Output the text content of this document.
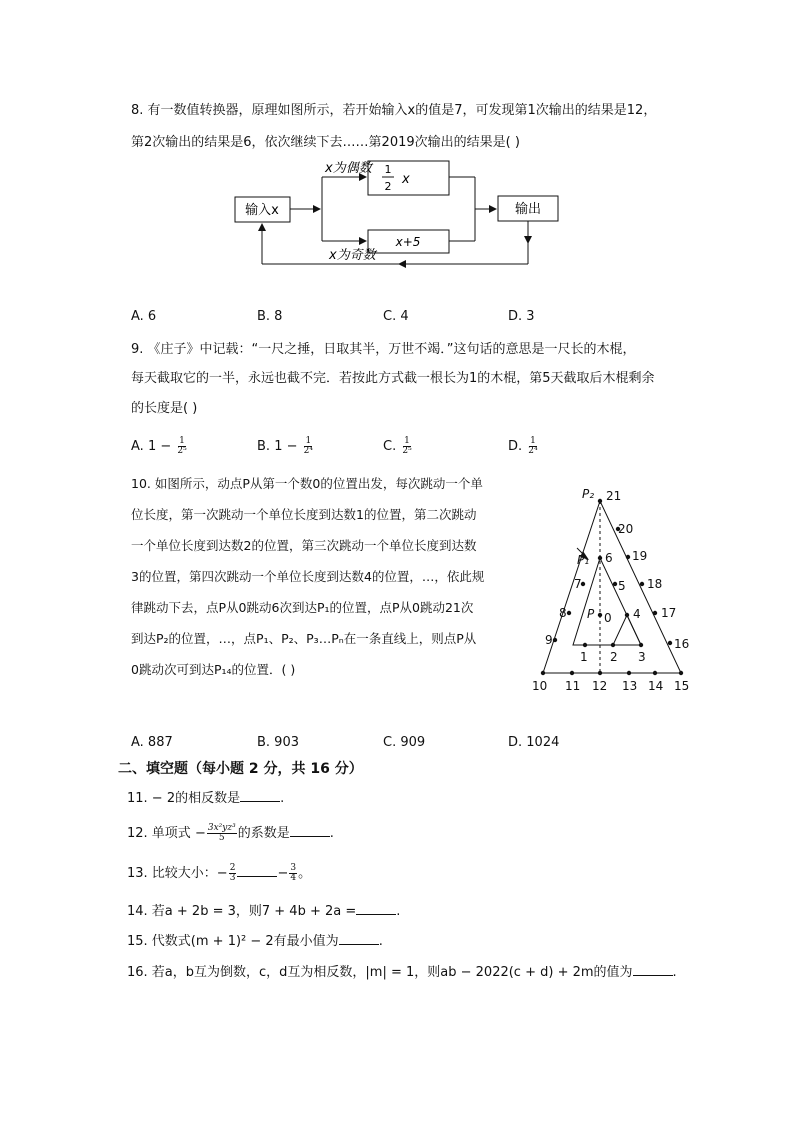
8. 有一数值转换器，原理如图所示，若开始输入x的值是7，可发现第1次输出的结果是12，
第2次输出的结果是6，依次继续下去……第2019次输出的结果是( )
输入x
x为偶数 1
2 x
x+5
输出
x为奇数
A. 6	B. 8	C. 4	D. 3
9. 《庄子》中记载：“一尺之捶，日取其半，万世不竭．”这句话的意思是一尺长的木棍，
每天截取它的一半，永远也截不完．若按此方式截一根长为1的木棍，第5天截取后木棍剩余
的长度是( )
A. $1 - \frac{1}{\text{2⁵}}$	B. $1 - \frac{1}{\text{2⁴}}$	C. $\frac{1}{\text{2⁵}}$	D. $\frac{1}{\text{2⁴}}$
10. 如图所示，动点P从第一个数0的位置出发，每次跳动一个单
位长度，第一次跳动一个单位长度到达数1的位置，第二次跳动
一个单位长度到达数2的位置，第三次跳动一个单位长度到达数
3的位置，第四次跳动一个单位长度到达数4的位置，…，依此规
律跳动下去，点P从0跳动6次到达P₁的位置，点P从0跳动21次
到达P₂的位置，…，点P₁、P₂、P₃…Pₙ在一条直线上，则点P从
0跳动次可到达P₁₄的位置．( )
P₂ 21
20
19
18
17
16
P₁ 6
7	5
8 P 0 4
9
1 2 3
10 11 12 13 14 15
A. 887	B. 903	C. 909	D. 1024
二、填空题（每小题 2 分，共 16 分）
11. − 2的相反数是	.
12. 单项式 − $\frac{\text{3x²yz³}}{5}$ 的系数是	.
13. 比较大小：− $\frac{2}{3}$	− $\frac{3}{4}$ 。
14. 若a + 2b = 3，则7 + 4b + 2a =	.
15. 代数式(m + 1)² − 2有最小值为	.
16. 若a，b互为倒数，c，d互为相反数，|m| = 1，则ab − 2022(c + d) + 2m的值为	.
